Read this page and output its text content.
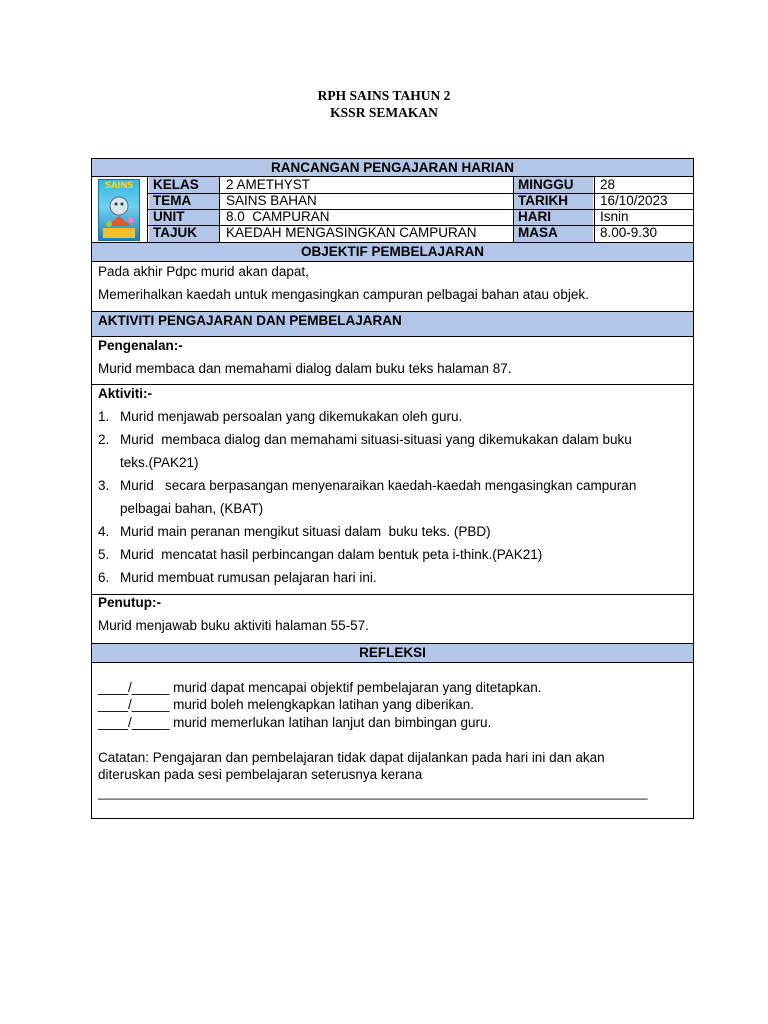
RPH SAINS TAHUN 2
KSSR SEMAKAN
RANCANGAN PENGAJARAN HARIAN
SAINS	KELAS 2 AMETHYST	MINGGU 28
TEMA	SAINS BAHAN	TARIKH 16/10/2023
UNIT	8.0  CAMPURAN	HARI	Isnin
TAJUK KAEDAH MENGASINGKAN CAMPURAN	MASA	8.00-9.30
OBJEKTIF PEMBELAJARAN
Pada akhir Pdpc murid akan dapat,
Memerihalkan kaedah untuk mengasingkan campuran pelbagai bahan atau objek.
AKTIVITI PENGAJARAN DAN PEMBELAJARAN
Pengenalan:-
Murid membaca dan memahami dialog dalam buku teks halaman 87.
Aktiviti:-
1. Murid menjawab persoalan yang dikemukakan oleh guru.
2. Murid  membaca dialog dan memahami situasi-situasi yang dikemukakan dalam buku
teks.(PAK21)
3. Murid   secara berpasangan menyenaraikan kaedah-kaedah mengasingkan campuran
pelbagai bahan, (KBAT)
4. Murid main peranan mengikut situasi dalam  buku teks. (PBD)
5. Murid  mencatat hasil perbincangan dalam bentuk peta i-think.(PAK21)
6. Murid membuat rumusan pelajaran hari ini.
Penutup:-
Murid menjawab buku aktiviti halaman 55-57.
REFLEKSI
____/_____ murid dapat mencapai objektif pembelajaran yang ditetapkan.
____/_____ murid boleh melengkapkan latihan yang diberikan.
____/_____ murid memerlukan latihan lanjut dan bimbingan guru.
Catatan: Pengajaran dan pembelajaran tidak dapat dijalankan pada hari ini dan akan
diteruskan pada sesi pembelajaran seterusnya kerana
____________________________________________________________________________
